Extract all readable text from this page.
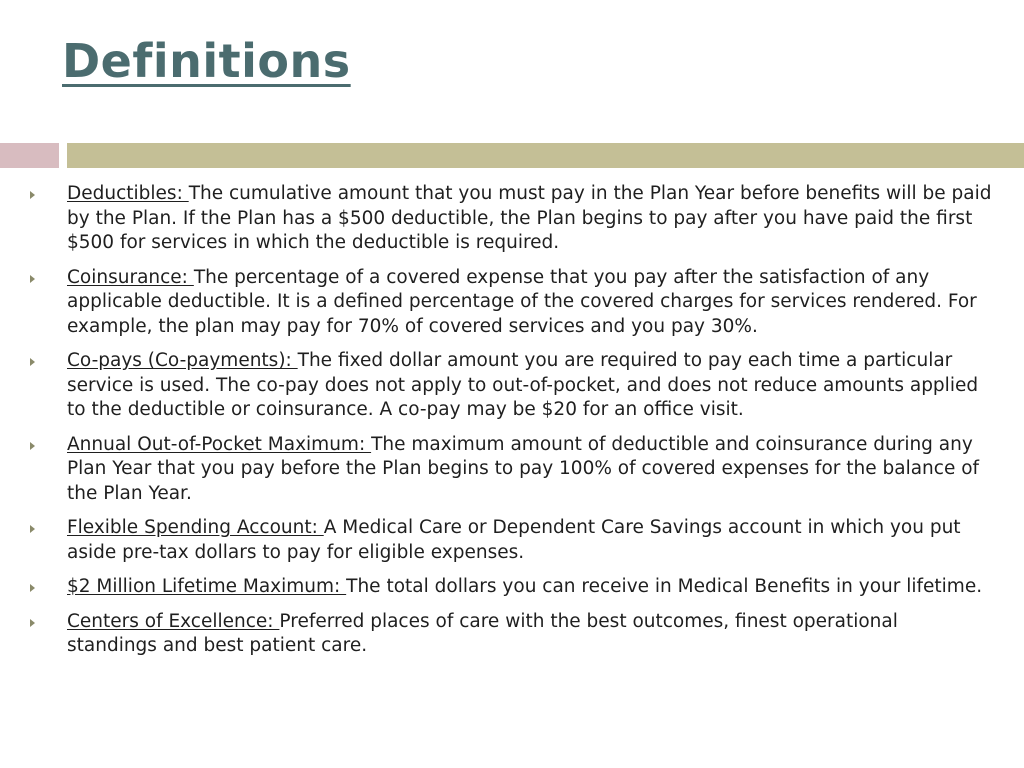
Definitions
Deductibles: The cumulative amount that you must pay in the Plan Year before benefits will be paid by the Plan. If the Plan has a $500 deductible, the Plan begins to pay after you have paid the first $500 for services in which the deductible is required.
Coinsurance: The percentage of a covered expense that you pay after the satisfaction of any applicable deductible. It is a defined percentage of the covered charges for services rendered. For example, the plan may pay for 70% of covered services and you pay 30%.
Co-pays (Co-payments): The fixed dollar amount you are required to pay each time a particular service is used. The co-pay does not apply to out-of-pocket, and does not reduce amounts applied to the deductible or coinsurance. A co-pay may be $20 for an office visit.
Annual Out-of-Pocket Maximum: The maximum amount of deductible and coinsurance during any Plan Year that you pay before the Plan begins to pay 100% of covered expenses for the balance of the Plan Year.
Flexible Spending Account: A Medical Care or Dependent Care Savings account in which you put aside pre-tax dollars to pay for eligible expenses.
$2 Million Lifetime Maximum: The total dollars you can receive in Medical Benefits in your lifetime.
Centers of Excellence: Preferred places of care with the best outcomes, finest operational standings and best patient care.
